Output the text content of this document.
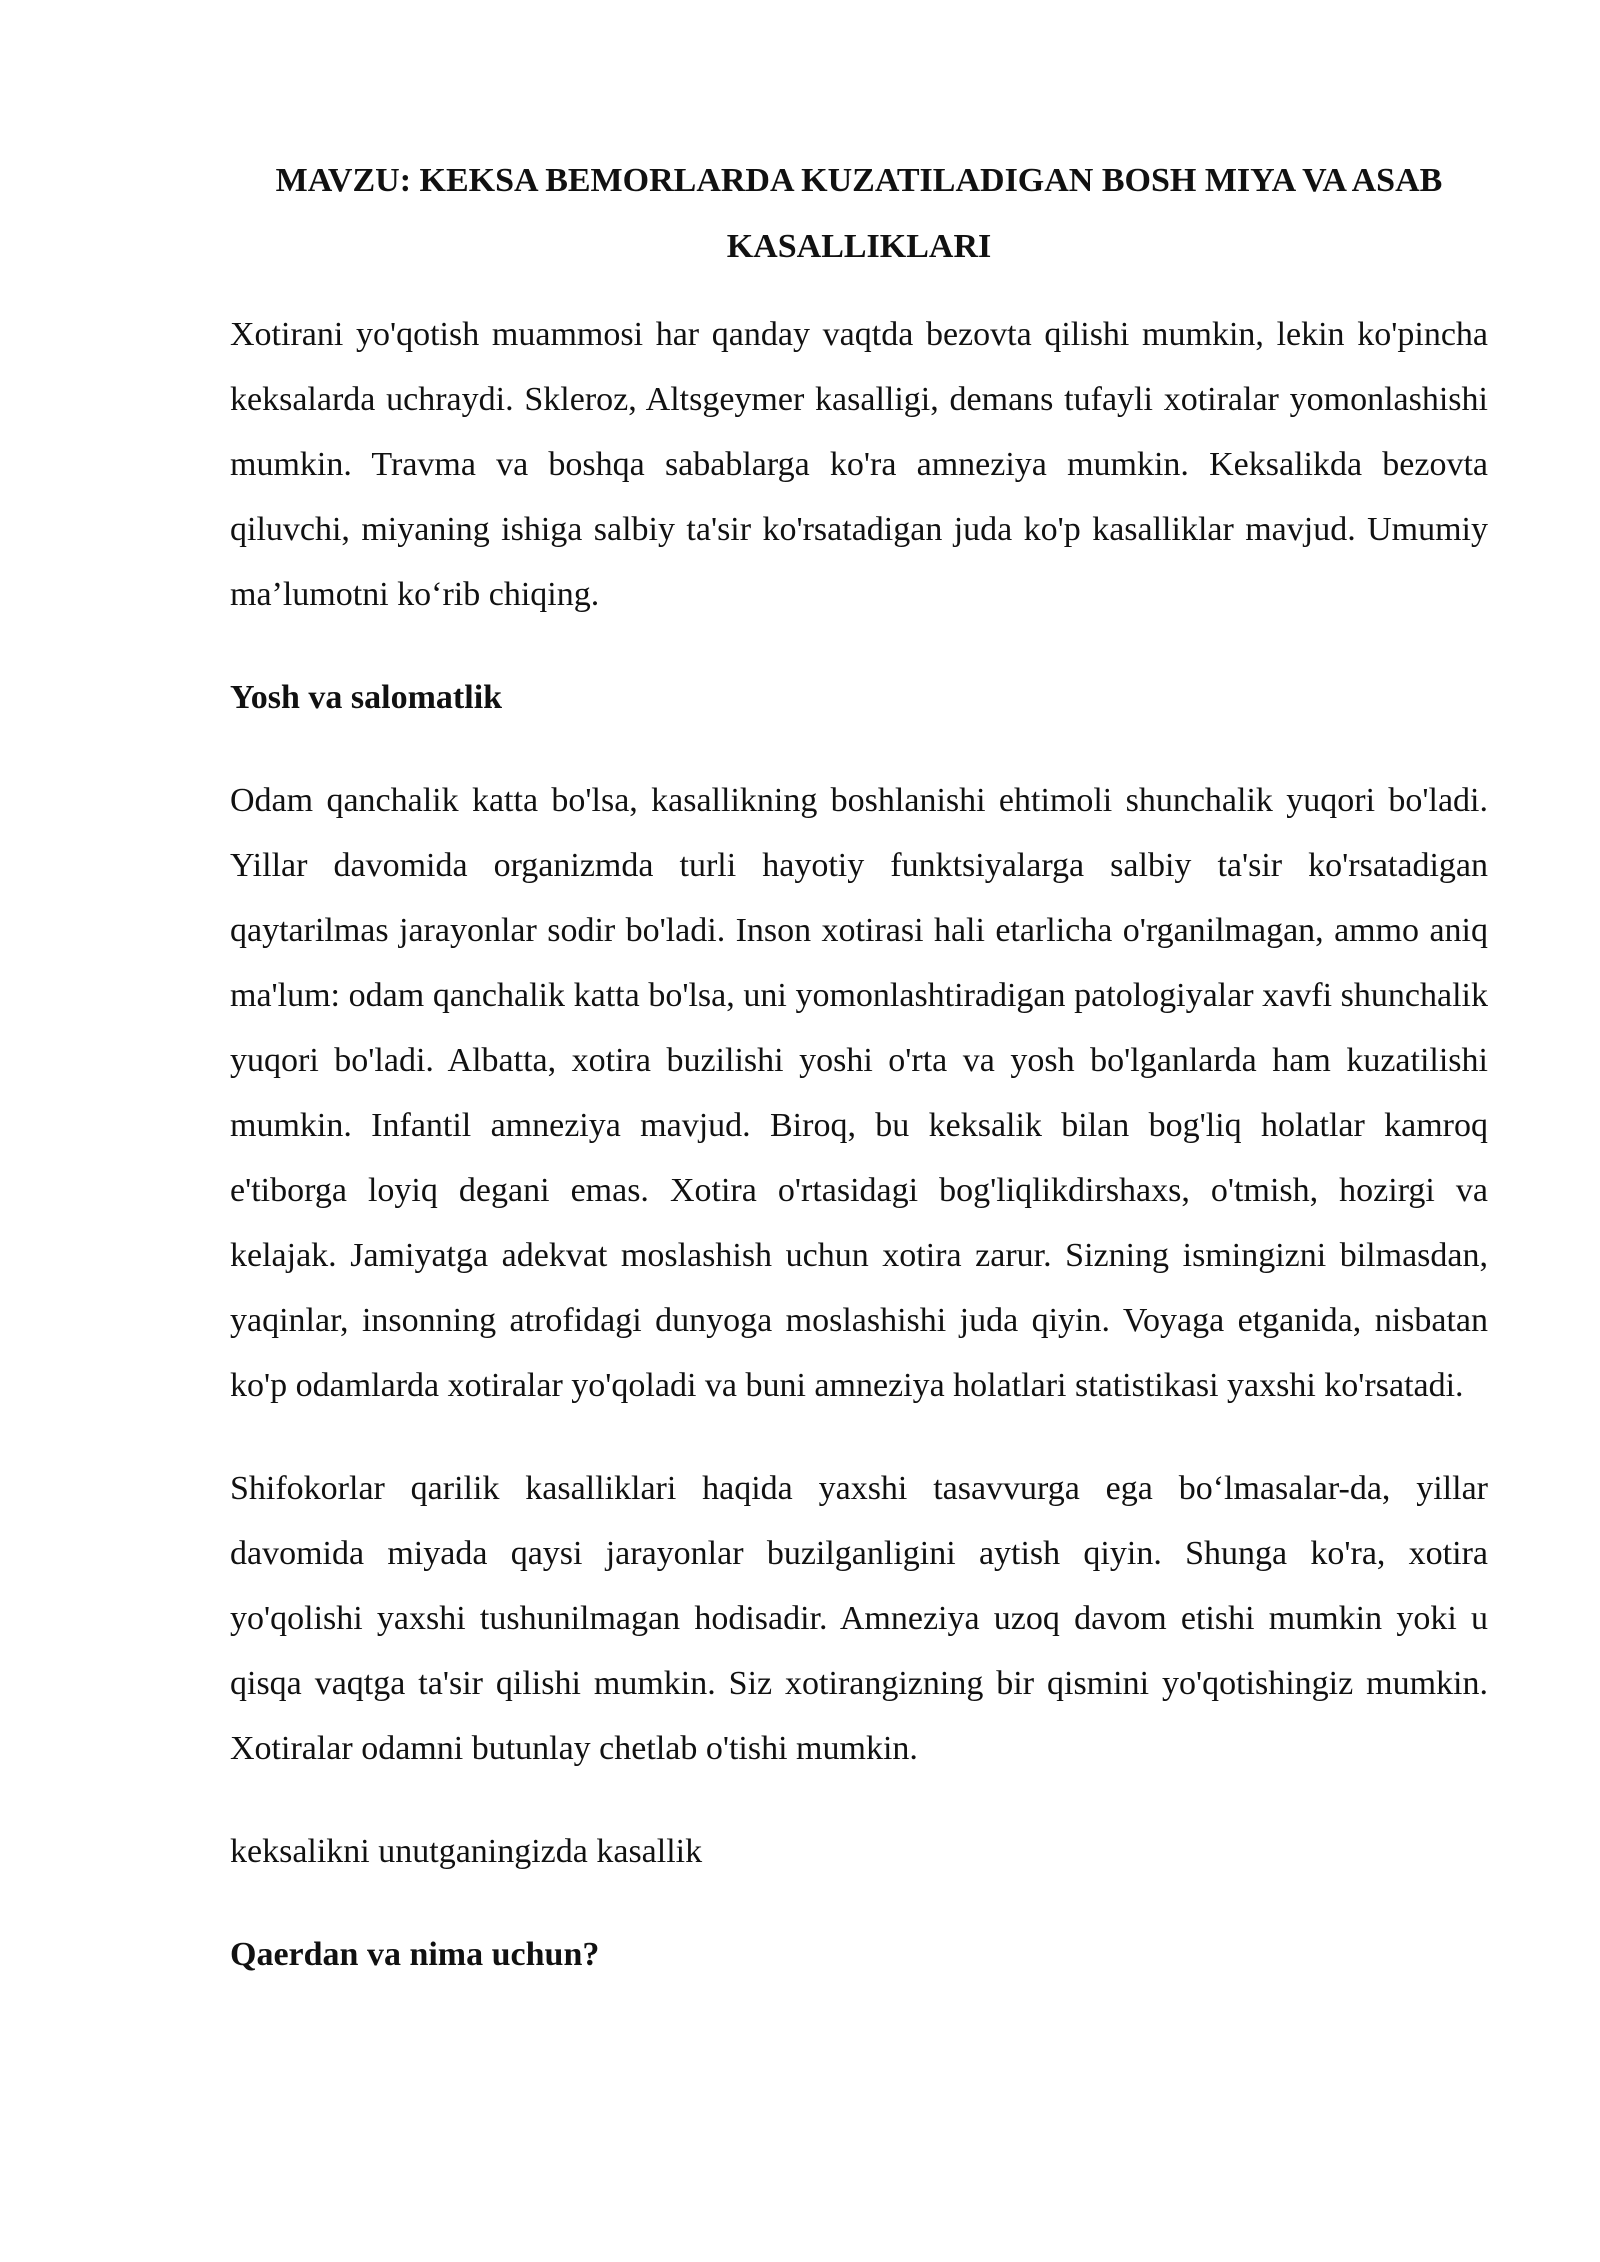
MAVZU: KEKSA BEMORLARDA KUZATILADIGAN BOSH MIYA VA ASAB KASALLIKLARI

Xotirani yo'qotish muammosi har qanday vaqtda bezovta qilishi mumkin, lekin ko'pincha keksalarda uchraydi. Skleroz, Altsgeymer kasalligi, demans tufayli xotiralar yomonlashishi mumkin. Travma va boshqa sabablarga ko'ra amneziya mumkin. Keksalikda bezovta qiluvchi, miyaning ishiga salbiy ta'sir ko'rsatadigan juda ko'p kasalliklar mavjud. Umumiy ma’lumotni ko‘rib chiqing.

Yosh va salomatlik

Odam qanchalik katta bo'lsa, kasallikning boshlanishi ehtimoli shunchalik yuqori bo'ladi. Yillar davomida organizmda turli hayotiy funktsiyalarga salbiy ta'sir ko'rsatadigan qaytarilmas jarayonlar sodir bo'ladi. Inson xotirasi hali etarlicha o'rganilmagan, ammo aniq ma'lum: odam qanchalik katta bo'lsa, uni yomonlashtiradigan patologiyalar xavfi shunchalik yuqori bo'ladi. Albatta, xotira buzilishi yoshi o'rta va yosh bo'lganlarda ham kuzatilishi mumkin. Infantil amneziya mavjud. Biroq, bu keksalik bilan bog'liq holatlar kamroq e'tiborga loyiq degani emas. Xotira o'rtasidagi bog'liqlikdirshaxs, o'tmish, hozirgi va kelajak. Jamiyatga adekvat moslashish uchun xotira zarur. Sizning ismingizni bilmasdan, yaqinlar, insonning atrofidagi dunyoga moslashishi juda qiyin. Voyaga etganida, nisbatan ko'p odamlarda xotiralar yo'qoladi va buni amneziya holatlari statistikasi yaxshi ko'rsatadi.

Shifokorlar qarilik kasalliklari haqida yaxshi tasavvurga ega bo‘lmasalar-da, yillar davomida miyada qaysi jarayonlar buzilganligini aytish qiyin. Shunga ko'ra, xotira yo'qolishi yaxshi tushunilmagan hodisadir. Amneziya uzoq davom etishi mumkin yoki u qisqa vaqtga ta'sir qilishi mumkin. Siz xotirangizning bir qismini yo'qotishingiz mumkin. Xotiralar odamni butunlay chetlab o'tishi mumkin.

keksalikni unutganingizda kasallik

Qaerdan va nima uchun?
